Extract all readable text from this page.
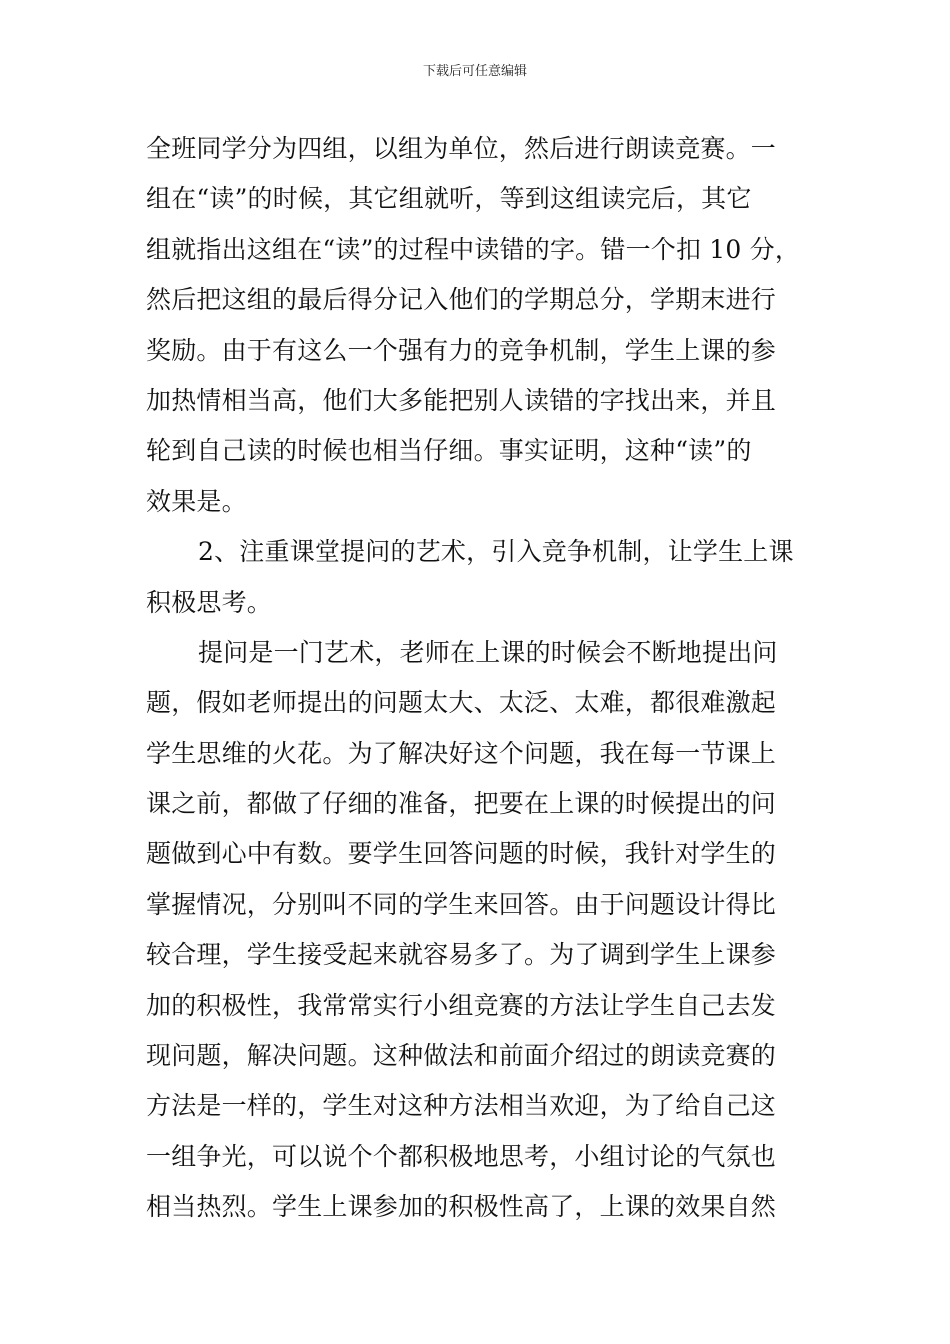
下载后可任意编辑
全班同学分为四组，以组为单位，然后进行朗读竞赛。一
组在“读”的时候，其它组就听，等到这组读完后，其它
组就指出这组在“读”的过程中读错的字。错一个扣 10 分，
然后把这组的最后得分记入他们的学期总分，学期末进行
奖励。由于有这么一个强有力的竞争机制，学生上课的参
加热情相当高，他们大多能把别人读错的字找出来，并且
轮到自己读的时候也相当仔细。事实证明，这种“读”的
效果是。
2、注重课堂提问的艺术，引入竞争机制，让学生上课
积极思考。
提问是一门艺术，老师在上课的时候会不断地提出问
题，假如老师提出的问题太大、太泛、太难，都很难激起
学生思维的火花。为了解决好这个问题，我在每一节课上
课之前，都做了仔细的准备，把要在上课的时候提出的问
题做到心中有数。要学生回答问题的时候，我针对学生的
掌握情况，分别叫不同的学生来回答。由于问题设计得比
较合理，学生接受起来就容易多了。为了调到学生上课参
加的积极性，我常常实行小组竞赛的方法让学生自己去发
现问题，解决问题。这种做法和前面介绍过的朗读竞赛的
方法是一样的，学生对这种方法相当欢迎，为了给自己这
一组争光，可以说个个都积极地思考，小组讨论的气氛也
相当热烈。学生上课参加的积极性高了，上课的效果自然
